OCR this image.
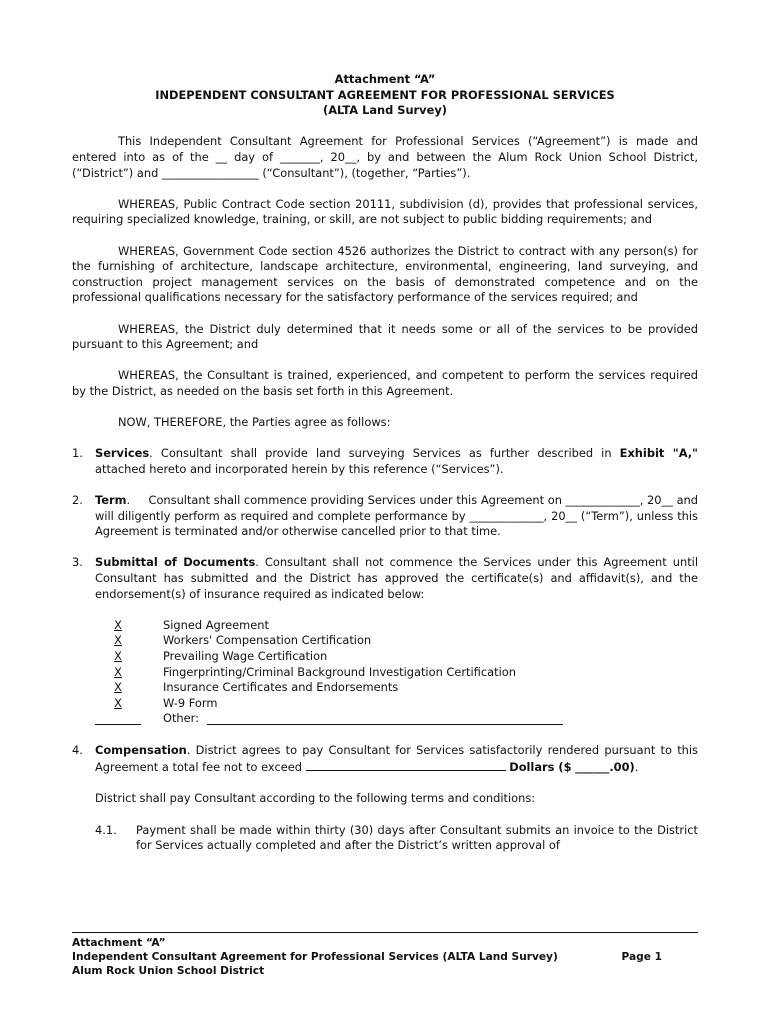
Attachment “A”
INDEPENDENT CONSULTANT AGREEMENT FOR PROFESSIONAL SERVICES
(ALTA Land Survey)

This Independent Consultant Agreement for Professional Services (“Agreement”) is made and entered into as of the __ day of _______, 20__, by and between the Alum Rock Union School District, (“District”) and _________________ (“Consultant”), (together, “Parties”).

WHEREAS, Public Contract Code section 20111, subdivision (d), provides that professional services, requiring specialized knowledge, training, or skill, are not subject to public bidding requirements; and

WHEREAS, Government Code section 4526 authorizes the District to contract with any person(s) for the furnishing of architecture, landscape architecture, environmental, engineering, land surveying, and construction project management services on the basis of demonstrated competence and on the professional qualifications necessary for the satisfactory performance of the services required; and

WHEREAS, the District duly determined that it needs some or all of the services to be provided pursuant to this Agreement; and

WHEREAS, the Consultant is trained, experienced, and competent to perform the services required by the District, as needed on the basis set forth in this Agreement.

NOW, THEREFORE, the Parties agree as follows:

1.	Services. Consultant shall provide land surveying Services as further described in Exhibit "A," attached hereto and incorporated herein by this reference (“Services”).
2.	Term.     Consultant shall commence providing Services under this Agreement on _____________, 20__ and will diligently perform as required and complete performance by _____________, 20__ (“Term”), unless this Agreement is terminated and/or otherwise cancelled prior to that time.
3.	Submittal of Documents. Consultant shall not commence the Services under this Agreement until Consultant has submitted and the District has approved the certificate(s) and affidavit(s), and the endorsement(s) of insurance required as indicated below:
X	Signed Agreement
X	Workers' Compensation Certification
X	Prevailing Wage Certification
X	Fingerprinting/Criminal Background Investigation Certification
X	Insurance Certificates and Endorsements
X	W-9 Form
Other:
4.	Compensation. District agrees to pay Consultant for Services satisfactorily rendered pursuant to this Agreement a total fee not to exceed	Dollars ($ ______.00).

District shall pay Consultant according to the following terms and conditions:

4.1.	Payment shall be made within thirty (30) days after Consultant submits an invoice to the District for Services actually completed and after the District’s written approval of
Attachment “A”
Independent Consultant Agreement for Professional Services (ALTA Land Survey)	Page 1
Alum Rock Union School District
